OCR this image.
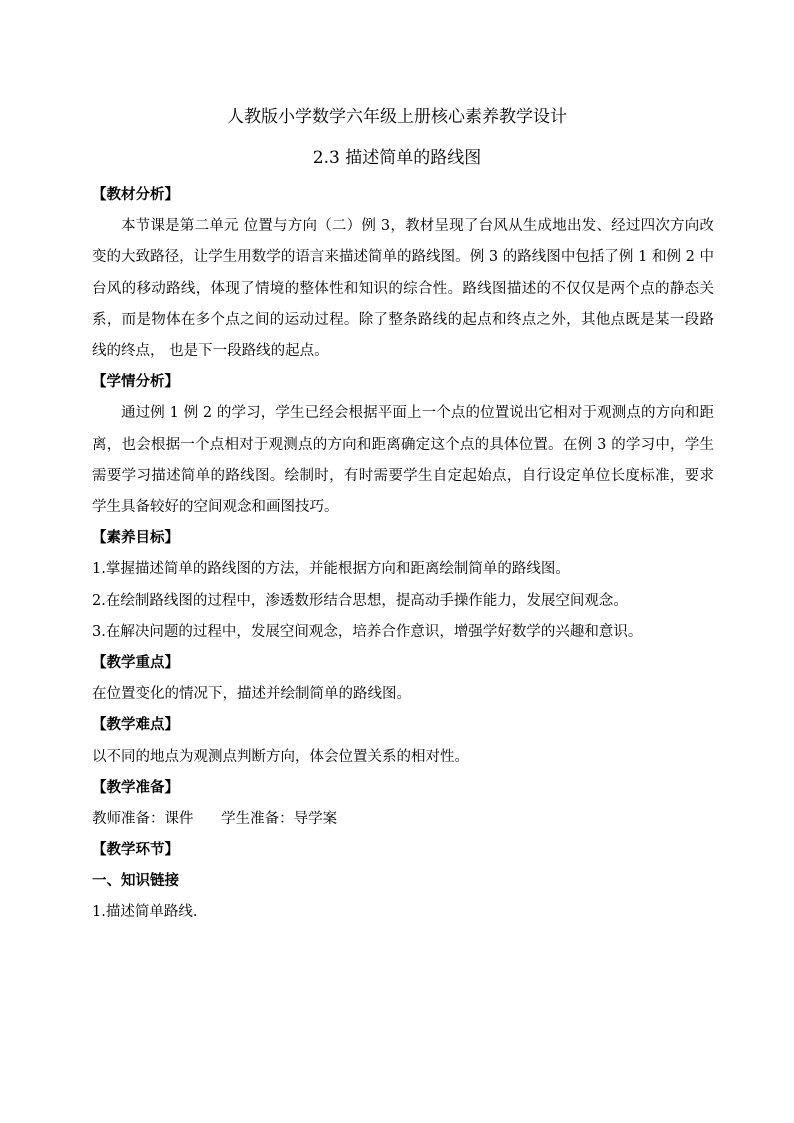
人教版小学数学六年级上册核心素养教学设计
2.3 描述简单的路线图
【教材分析】

本节课是第二单元 位置与方向（二）例 3，教材呈现了台风从生成地出发、经过四次方向改变的大致路径，让学生用数学的语言来描述简单的路线图。例 3 的路线图中包括了例 1 和例 2 中台风的移动路线，体现了情境的整体性和知识的综合性。路线图描述的不仅仅是两个点的静态关系，而是物体在多个点之间的运动过程。除了整条路线的起点和终点之外，其他点既是某一段路线的终点， 也是下一段路线的起点。

【学情分析】

通过例 1 例 2 的学习，学生已经会根据平面上一个点的位置说出它相对于观测点的方向和距离，也会根据一个点相对于观测点的方向和距离确定这个点的具体位置。在例 3 的学习中，学生需要学习描述简单的路线图。绘制时，有时需要学生自定起始点，自行设定单位长度标准，要求学生具备较好的空间观念和画图技巧。

【素养目标】
1.掌握描述简单的路线图的方法，并能根据方向和距离绘制简单的路线图。
2.在绘制路线图的过程中，渗透数形结合思想，提高动手操作能力，发展空间观念。
3.在解决问题的过程中，发展空间观念，培养合作意识，增强学好数学的兴趣和意识。
【教学重点】
在位置变化的情况下，描述并绘制简单的路线图。
【教学难点】
以不同的地点为观测点判断方向，体会位置关系的相对性。
【教学准备】
教师准备：课件      学生准备：导学案
【教学环节】
一、知识链接
1.描述简单路线.
